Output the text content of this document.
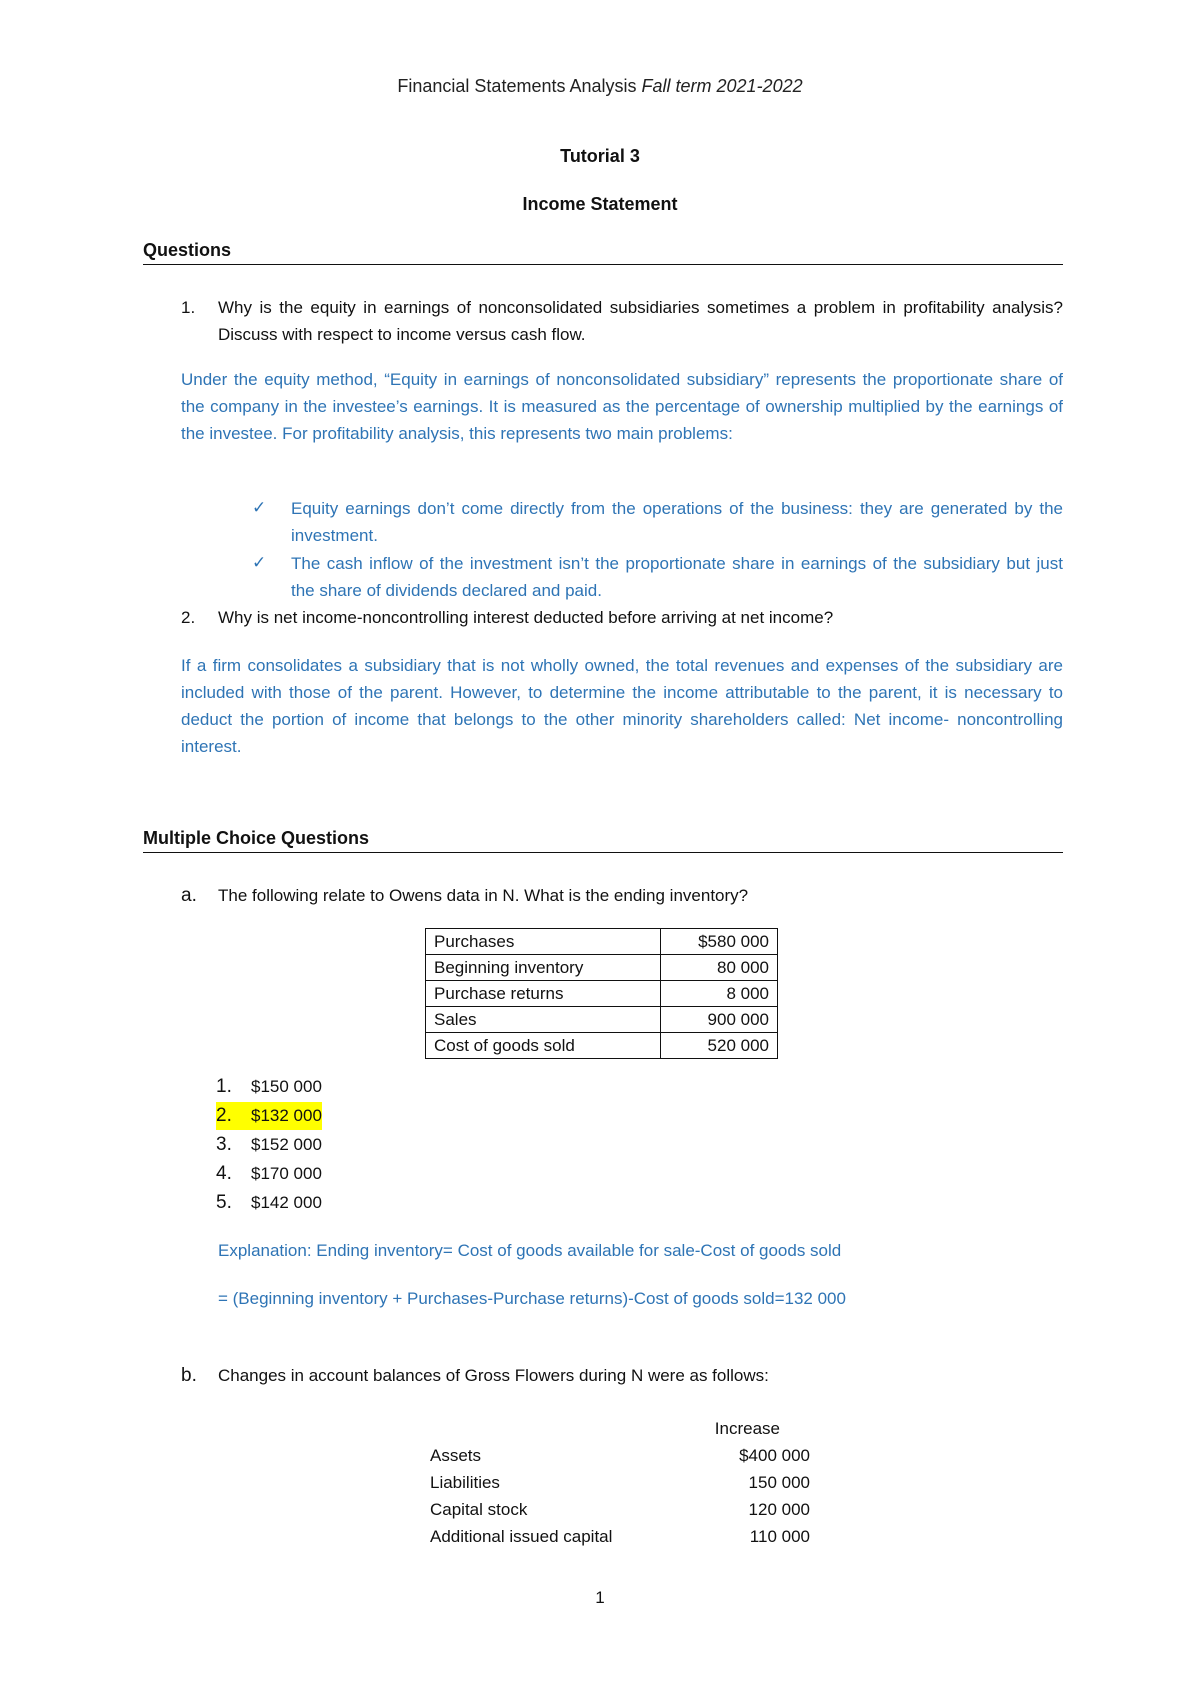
Financial Statements Analysis Fall term 2021-2022
Tutorial 3
Income Statement
Questions
1. Why is the equity in earnings of nonconsolidated subsidiaries sometimes a problem in profitability analysis? Discuss with respect to income versus cash flow.
Under the equity method, “Equity in earnings of nonconsolidated subsidiary” represents the proportionate share of the company in the investee’s earnings. It is measured as the percentage of ownership multiplied by the earnings of the investee. For profitability analysis, this represents two main problems:
✓	Equity earnings don’t come directly from the operations of the business: they are generated by the investment.
✓	The cash inflow of the investment isn’t the proportionate share in earnings of the subsidiary but just the share of dividends declared and paid.
2. Why is net income-noncontrolling interest deducted before arriving at net income?
If a firm consolidates a subsidiary that is not wholly owned, the total revenues and expenses of the subsidiary are included with those of the parent. However, to determine the income attributable to the parent, it is necessary to deduct the portion of income that belongs to the other minority shareholders called: Net income- noncontrolling interest.
Multiple Choice Questions
a. The following relate to Owens data in N. What is the ending inventory?
Purchases	$580 000
Beginning inventory	80 000
Purchase returns	8 000
Sales	900 000
Cost of goods sold	520 000
1. $150 000
2. $132 000
3. $152 000
4. $170 000
5. $142 000
Explanation: Ending inventory= Cost of goods available for sale-Cost of goods sold
= (Beginning inventory + Purchases-Purchase returns)-Cost of goods sold=132 000
b. Changes in account balances of Gross Flowers during N were as follows:
Increase
Assets	$400 000
Liabilities	150 000
Capital stock	120 000
Additional issued capital	110 000
1
